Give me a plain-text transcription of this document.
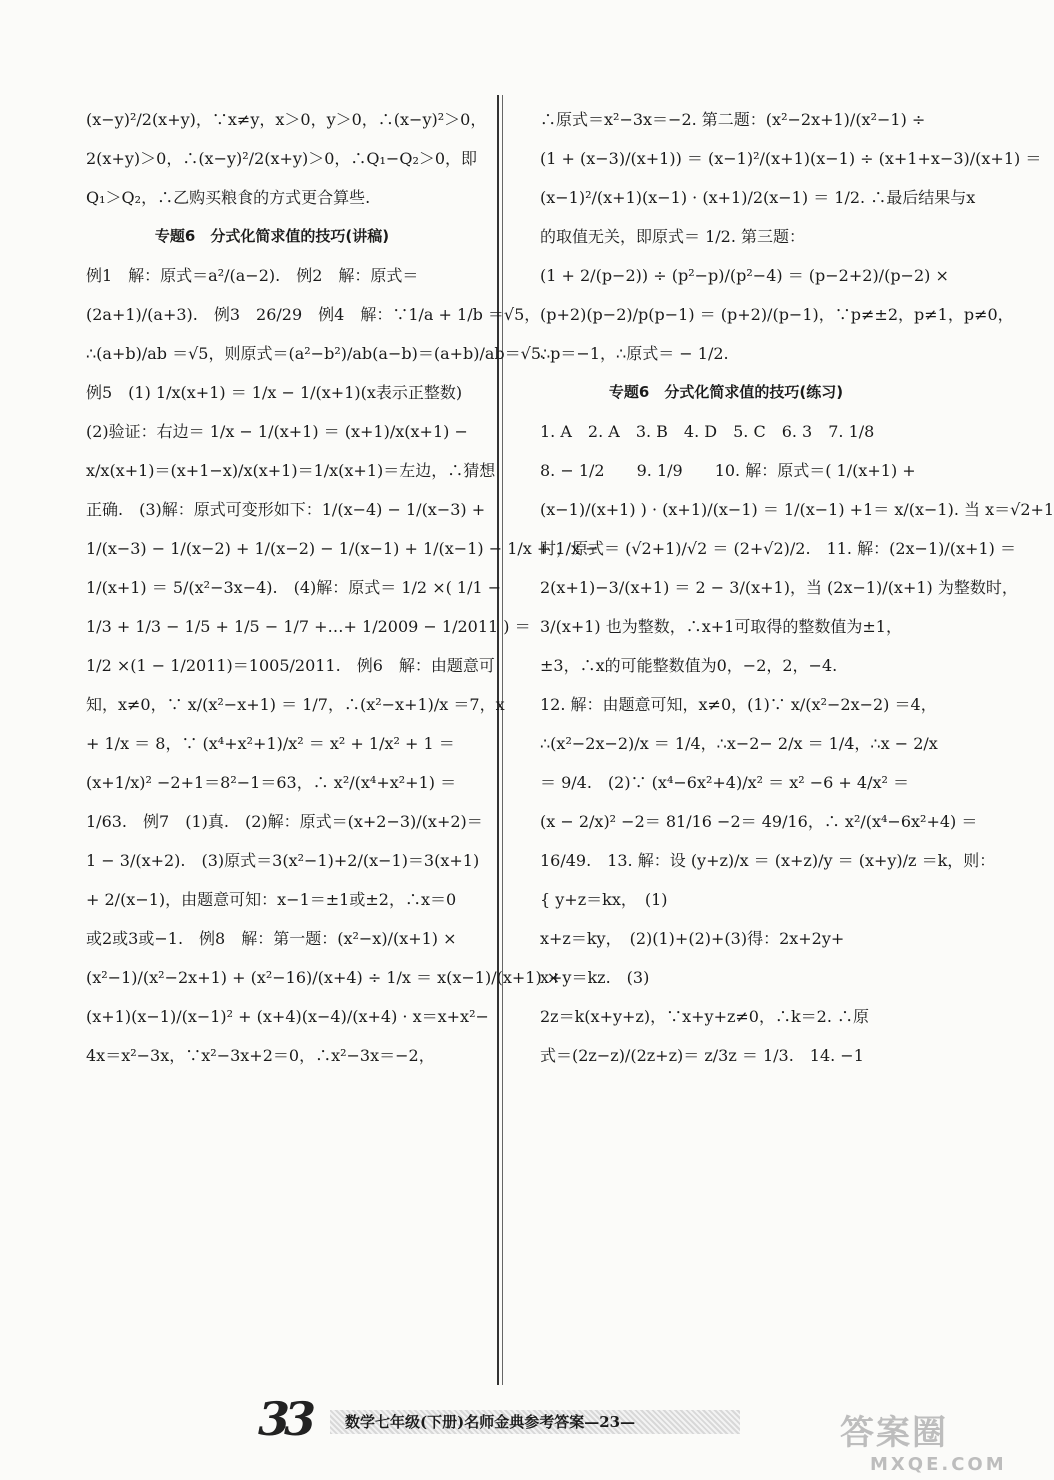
(x−y)²/2(x+y)，∵x≠y，x＞0，y＞0，∴(x−y)²＞0，
2(x+y)＞0，∴(x−y)²/2(x+y)＞0，∴Q₁−Q₂＞0，即
Q₁＞Q₂，∴乙购买粮食的方式更合算些.
专题6　分式化简求值的技巧(讲稿)
例1　解：原式＝a²/(a−2).　例2　解：原式＝
(2a+1)/(a+3).　例3　26/29　例4　解：∵1/a + 1/b ＝√5，
∴(a+b)/ab ＝√5，则原式＝(a²−b²)/ab(a−b)＝(a+b)/ab＝√5.
例5　(1) 1/x(x+1) ＝ 1/x − 1/(x+1)(x表示正整数)
(2)验证：右边＝ 1/x − 1/(x+1) ＝ (x+1)/x(x+1) −
x/x(x+1)＝(x+1−x)/x(x+1)＝1/x(x+1)＝左边，∴猜想
正确.　(3)解：原式可变形如下：1/(x−4) − 1/(x−3) +
1/(x−3) − 1/(x−2) + 1/(x−2) − 1/(x−1) + 1/(x−1) − 1/x + 1/x −
1/(x+1) ＝ 5/(x²−3x−4).　(4)解：原式＝ 1/2 ×( 1/1 −
1/3 + 1/3 − 1/5 + 1/5 − 1/7 +…+ 1/2009 − 1/2011 ) ＝
1/2 ×(1 − 1/2011)＝1005/2011.　例6　解：由题意可
知，x≠0，∵ x/(x²−x+1) ＝ 1/7，∴(x²−x+1)/x ＝7，x
+ 1/x ＝ 8，∵ (x⁴+x²+1)/x² ＝ x² + 1/x² + 1 ＝
(x+1/x)² −2+1＝8²−1＝63，∴ x²/(x⁴+x²+1) ＝
1/63.　例7　(1)真.　(2)解：原式＝(x+2−3)/(x+2)＝
1 − 3/(x+2).　(3)原式＝3(x²−1)+2/(x−1)＝3(x+1)
+ 2/(x−1)，由题意可知：x−1＝±1或±2，∴x＝0
或2或3或−1.　例8　解：第一题：(x²−x)/(x+1) ×
(x²−1)/(x²−2x+1) + (x²−16)/(x+4) ÷ 1/x ＝ x(x−1)/(x+1) ×
(x+1)(x−1)/(x−1)² + (x+4)(x−4)/(x+4) · x＝x+x²−
4x＝x²−3x，∵x²−3x+2＝0，∴x²−3x＝−2，
∴原式＝x²−3x＝−2. 第二题：(x²−2x+1)/(x²−1) ÷
(1 + (x−3)/(x+1)) ＝ (x−1)²/(x+1)(x−1) ÷ (x+1+x−3)/(x+1) ＝
(x−1)²/(x+1)(x−1) · (x+1)/2(x−1) ＝ 1/2. ∴最后结果与x
的取值无关，即原式＝ 1/2. 第三题：
(1 + 2/(p−2)) ÷ (p²−p)/(p²−4) ＝ (p−2+2)/(p−2) ×
(p+2)(p−2)/p(p−1) ＝ (p+2)/(p−1)，∵p≠±2，p≠1，p≠0，
∴p＝−1，∴原式＝ − 1/2.
专题6　分式化简求值的技巧(练习)
1. A　2. A　3. B　4. D　5. C　6. 3　7. 1/8
8. − 1/2　　9. 1/9　　10. 解：原式＝( 1/(x+1) +
(x−1)/(x+1) ) · (x+1)/(x−1) ＝ 1/(x−1) +1＝ x/(x−1). 当 x＝√2+1
时，原式＝ (√2+1)/√2 ＝ (2+√2)/2.　11. 解：(2x−1)/(x+1) ＝
2(x+1)−3/(x+1) ＝ 2 − 3/(x+1)，当 (2x−1)/(x+1) 为整数时，
3/(x+1) 也为整数，∴x+1可取得的整数值为±1，
±3，∴x的可能整数值为0，−2，2，−4.
12. 解：由题意可知，x≠0，(1)∵ x/(x²−2x−2) ＝4，
∴(x²−2x−2)/x ＝ 1/4，∴x−2− 2/x ＝ 1/4，∴x − 2/x
＝ 9/4.　(2)∵ (x⁴−6x²+4)/x² ＝ x² −6 + 4/x² ＝
(x − 2/x)² −2＝ 81/16 −2＝ 49/16，∴ x²/(x⁴−6x²+4) ＝
16/49.　13. 解：设 (y+z)/x ＝ (x+z)/y ＝ (x+y)/z ＝k，则：
{ y+z＝kx，　(1)
x+z＝ky，　(2)(1)+(2)+(3)得：2x+2y+
x+y＝kz.　(3)
2z＝k(x+y+z)，∵x+y+z≠0，∴k＝2. ∴原
式＝(2z−z)/(2z+z)＝ z/3z ＝ 1/3.　14. −1
33 数学七年级(下册)名师金典参考答案—23—	答案圈
MXQE.COM
